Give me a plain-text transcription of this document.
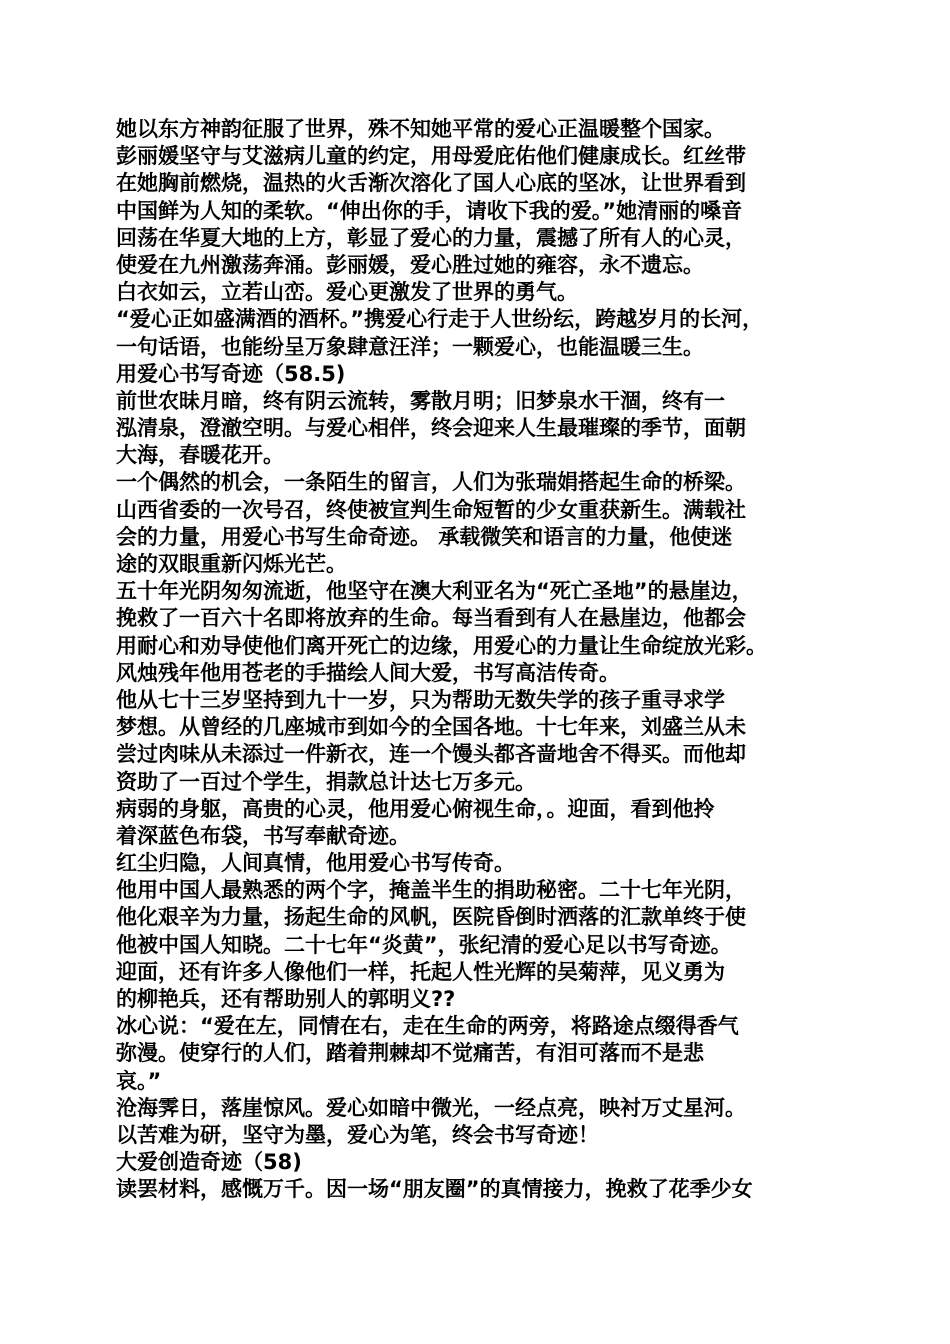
她以东方神韵征服了世界，殊不知她平常的爱心正温暖整个国家。
彭丽媛坚守与艾滋病儿童的约定，用母爱庇佑他们健康成长。红丝带
在她胸前燃烧，温热的火舌渐次溶化了国人心底的坚冰，让世界看到
中国鲜为人知的柔软。“伸出你的手，请收下我的爱。”她清丽的嗓音
回荡在华夏大地的上方，彰显了爱心的力量，震撼了所有人的心灵，
使爱在九州激荡奔涌。彭丽媛，爱心胜过她的雍容，永不遗忘。
白衣如云，立若山峦。爱心更激发了世界的勇气。
“爱心正如盛满酒的酒杯。”携爱心行走于人世纷纭，跨越岁月的长河，
一句话语，也能纷呈万象肆意汪洋；一颗爱心，也能温暖三生。
用爱心书写奇迹（58.5)
前世农昧月暗，终有阴云流转，雾散月明；旧梦泉水干涸，终有一
泓清泉，澄澈空明。与爱心相伴，终会迎来人生最璀璨的季节，面朝
大海，春暖花开。
一个偶然的机会，一条陌生的留言，人们为张瑞娟搭起生命的桥梁。
山西省委的一次号召，终使被宣判生命短暂的少女重获新生。满载社
会的力量，用爱心书写生命奇迹。 承载微笑和语言的力量，他使迷
途的双眼重新闪烁光芒。
五十年光阴匆匆流逝，他坚守在澳大利亚名为“死亡圣地”的悬崖边，
挽救了一百六十名即将放弃的生命。每当看到有人在悬崖边，他都会
用耐心和劝导使他们离开死亡的边缘，用爱心的力量让生命绽放光彩。
风烛残年他用苍老的手描绘人间大爱，书写高洁传奇。
他从七十三岁坚持到九十一岁，只为帮助无数失学的孩子重寻求学
梦想。从曾经的几座城市到如今的全国各地。十七年来，刘盛兰从未
尝过肉味从未添过一件新衣，连一个馒头都吝啬地舍不得买。而他却
资助了一百过个学生，捐款总计达七万多元。
病弱的身躯，高贵的心灵，他用爱心俯视生命，。迎面，看到他拎
着深蓝色布袋，书写奉献奇迹。
红尘归隐，人间真情，他用爱心书写传奇。
他用中国人最熟悉的两个字，掩盖半生的捐助秘密。二十七年光阴，
他化艰辛为力量，扬起生命的风帆，医院昏倒时洒落的汇款单终于使
他被中国人知晓。二十七年“炎黄”，张纪清的爱心足以书写奇迹。
迎面，还有许多人像他们一样，托起人性光辉的吴菊萍，见义勇为
的柳艳兵，还有帮助别人的郭明义??
冰心说：“爱在左，同情在右，走在生命的两旁，将路途点缀得香气
弥漫。使穿行的人们，踏着荆棘却不觉痛苦，有泪可落而不是悲
哀。”
沧海霁日，落崖惊风。爱心如暗中微光，一经点亮，映衬万丈星河。
以苦难为研，坚守为墨，爱心为笔，终会书写奇迹！
大爱创造奇迹（58)
读罢材料，感慨万千。因一场“朋友圈”的真情接力，挽救了花季少女
